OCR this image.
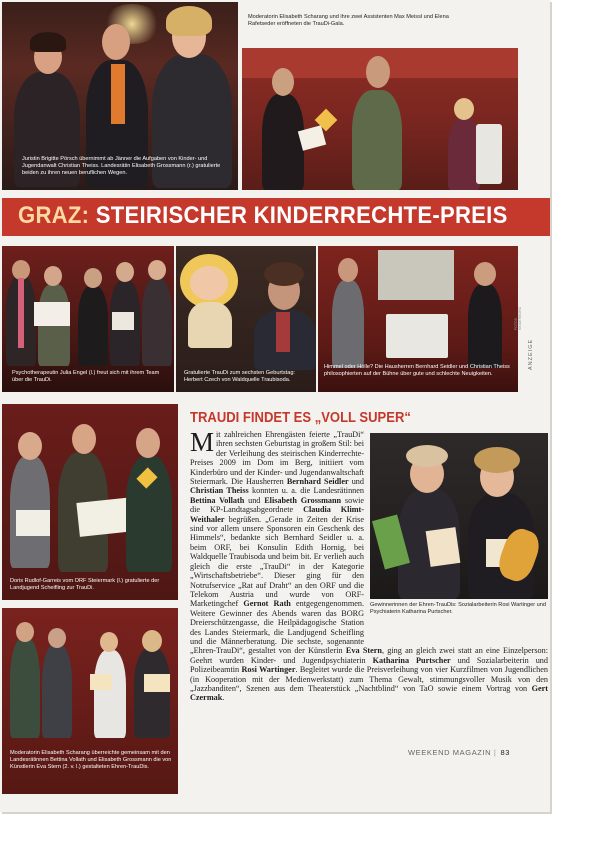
Juristin Brigitte Pörsch übernimmt ab Jänner die Aufgaben von Kinder- und Jugendanwalt Christian Theiss. Landesrätin Elisabeth Grossmann (r.) gratulierte beiden zu ihren neuen beruflichen Wegen.
Moderatorin Elisabeth Scharang und ihre zwei Assistenten Max Meissl und Elena Rafetseder eröffneten die TrauDi-Gala.
GRAZ: STEIRISCHER KINDERRECHTE-PREIS
Psychotherapeutin Julia Engel (l.) freut sich mit ihrem Team über die TrauDi.
Gratulierte TrauDi zum sechsten Geburtstag: Herbert Czech von Waldquelle Traubisoda.
Himmel oder Hölle? Die Hausherren Bernhard Seidler und Christian Theiss philosophierten auf der Bühne über gute und schlechte Neuigkeiten.
FOTOS: KINDERBÜRO
ANZEIGE
Doris Rudlof-Garreis vom ORF Steiermark (l.) gratulierte der Landjugend Scheifling zur TrauDi.
Moderatorin Elisabeth Scharang überreichte gemeinsam mit den Landesrätinnen Bettina Vollath und Elisabeth Grossmann die von Künstlerin Eva Stern (2. v. l.) gestalteten Ehren-TrauDis.
TRAUDI FINDET ES „VOLL SUPER“
Gewinnerinnen der Ehren-TrauDis: Sozialarbeiterin Rosi Wartinger und Psychiaterin Katharina Purtscher.
M it zahlreichen Ehrengästen feierte „TrauDi“ ihren sechsten Geburtstag in großem Stil: bei der Verleihung des steirischen Kinderrechte-Preises 2009 im Dom im Berg, initiiert vom Kinderbüro und der Kinder- und Jugendanwaltschaft Steiermark. Die Hausherren Bernhard Seidler und Christian Theiss konnten u. a. die Landesrätinnen Bettina Vollath und Elisabeth Grossmann sowie die KP-Landtagsabgeordnete Claudia Klimt-Weithaler begrüßen. „Gerade in Zeiten der Krise sind vor allem unsere Sponsoren ein Geschenk des Himmels“, bedankte sich Bernhard Seidler u. a. beim ORF, bei Konsulin Edith Hornig, bei Waldquelle Traubisoda und beim bit. Er verlieh auch gleich die erste „TrauDi“ in der Kategorie „Wirtschaftsbetriebe“. Dieser ging für den Notrufservice „Rat auf Draht“ an den ORF und die Telekom Austria und wurde von ORF-Marketingchef Gernot Rath entgegengenommen. Weitere Gewinner des Abends waren das BORG Dreierschützengasse, die Heilpädagogische Station des Landes Steiermark, die Landjugend Scheifling und die Männerberatung. Die sechste, sogenannte „Ehren-TrauDi“, gestaltet von der Künstlerin Eva Stern, ging an gleich zwei statt an eine Einzelperson: Geehrt wurden Kinder- und Jugendpsychiaterin Katharina Purtscher und Sozialarbeiterin und Polizeibeamtin Rosi Wartinger. Begleitet wurde die Preisverleihung von vier Kurzfilmen von Jugendlichen (in Kooperation mit der Medienwerkstatt) zum Thema Gewalt, stimmungsvoller Musik von den „Jazzbanditen“, Szenen aus dem Theaterstück „Nachtblind“ von TaO sowie einem Vortrag von Gert Czermak.
WEEKEND MAGAZIN | 83
